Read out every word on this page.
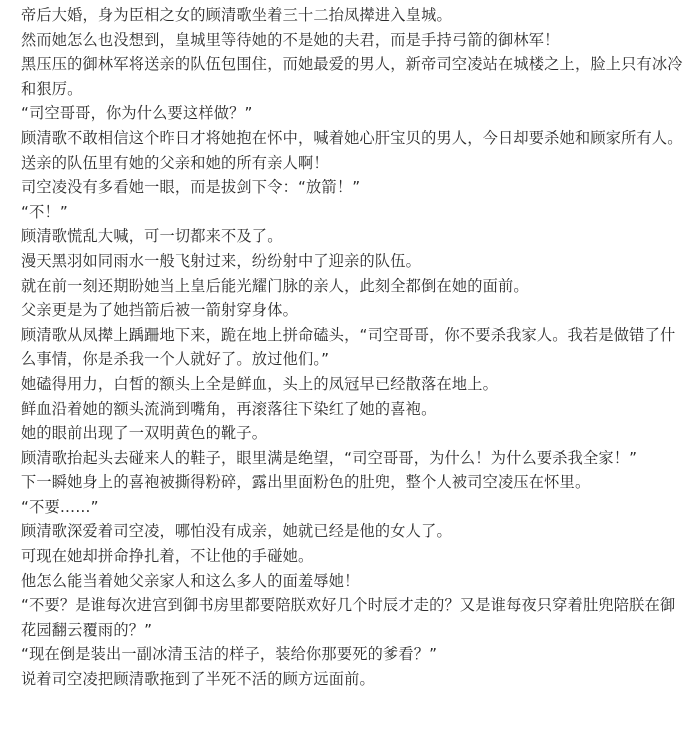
帝后大婚，身为臣相之女的顾清歌坐着三十二抬凤撵进入皇城。

然而她怎么也没想到，皇城里等待她的不是她的夫君，而是手持弓箭的御林军！

黑压压的御林军将送亲的队伍包围住，而她最爱的男人，新帝司空凌站在城楼之上，脸上只有冰冷和狠厉。

“司空哥哥，你为什么要这样做？”

顾清歌不敢相信这个昨日才将她抱在怀中，喊着她心肝宝贝的男人，今日却要杀她和顾家所有人。

送亲的队伍里有她的父亲和她的所有亲人啊！

司空凌没有多看她一眼，而是拔剑下令：“放箭！”

“不！”

顾清歌慌乱大喊，可一切都来不及了。

漫天黑羽如同雨水一般飞射过来，纷纷射中了迎亲的队伍。

就在前一刻还期盼她当上皇后能光耀门脉的亲人，此刻全都倒在她的面前。

父亲更是为了她挡箭后被一箭射穿身体。

顾清歌从凤撵上踽跚地下来，跪在地上拼命磕头，“司空哥哥，你不要杀我家人。我若是做错了什么事情，你是杀我一个人就好了。放过他们。”

她磕得用力，白皙的额头上全是鲜血，头上的凤冠早已经散落在地上。

鲜血沿着她的额头流淌到嘴角，再滚落往下染红了她的喜袍。

她的眼前出现了一双明黄色的靴子。

顾清歌抬起头去碰来人的鞋子，眼里满是绝望，“司空哥哥，为什么！为什么要杀我全家！”

下一瞬她身上的喜袍被撕得粉碎，露出里面粉色的肚兜，整个人被司空凌压在怀里。

“不要……”

顾清歌深爱着司空凌，哪怕没有成亲，她就已经是他的女人了。

可现在她却拼命挣扎着，不让他的手碰她。

他怎么能当着她父亲家人和这么多人的面羞辱她！

“不要？是谁每次进宫到御书房里都要陪朕欢好几个时辰才走的？又是谁每夜只穿着肚兜陪朕在御花园翻云覆雨的？”

“现在倒是装出一副冰清玉洁的样子，装给你那要死的爹看？”

说着司空凌把顾清歌拖到了半死不活的顾方远面前。
